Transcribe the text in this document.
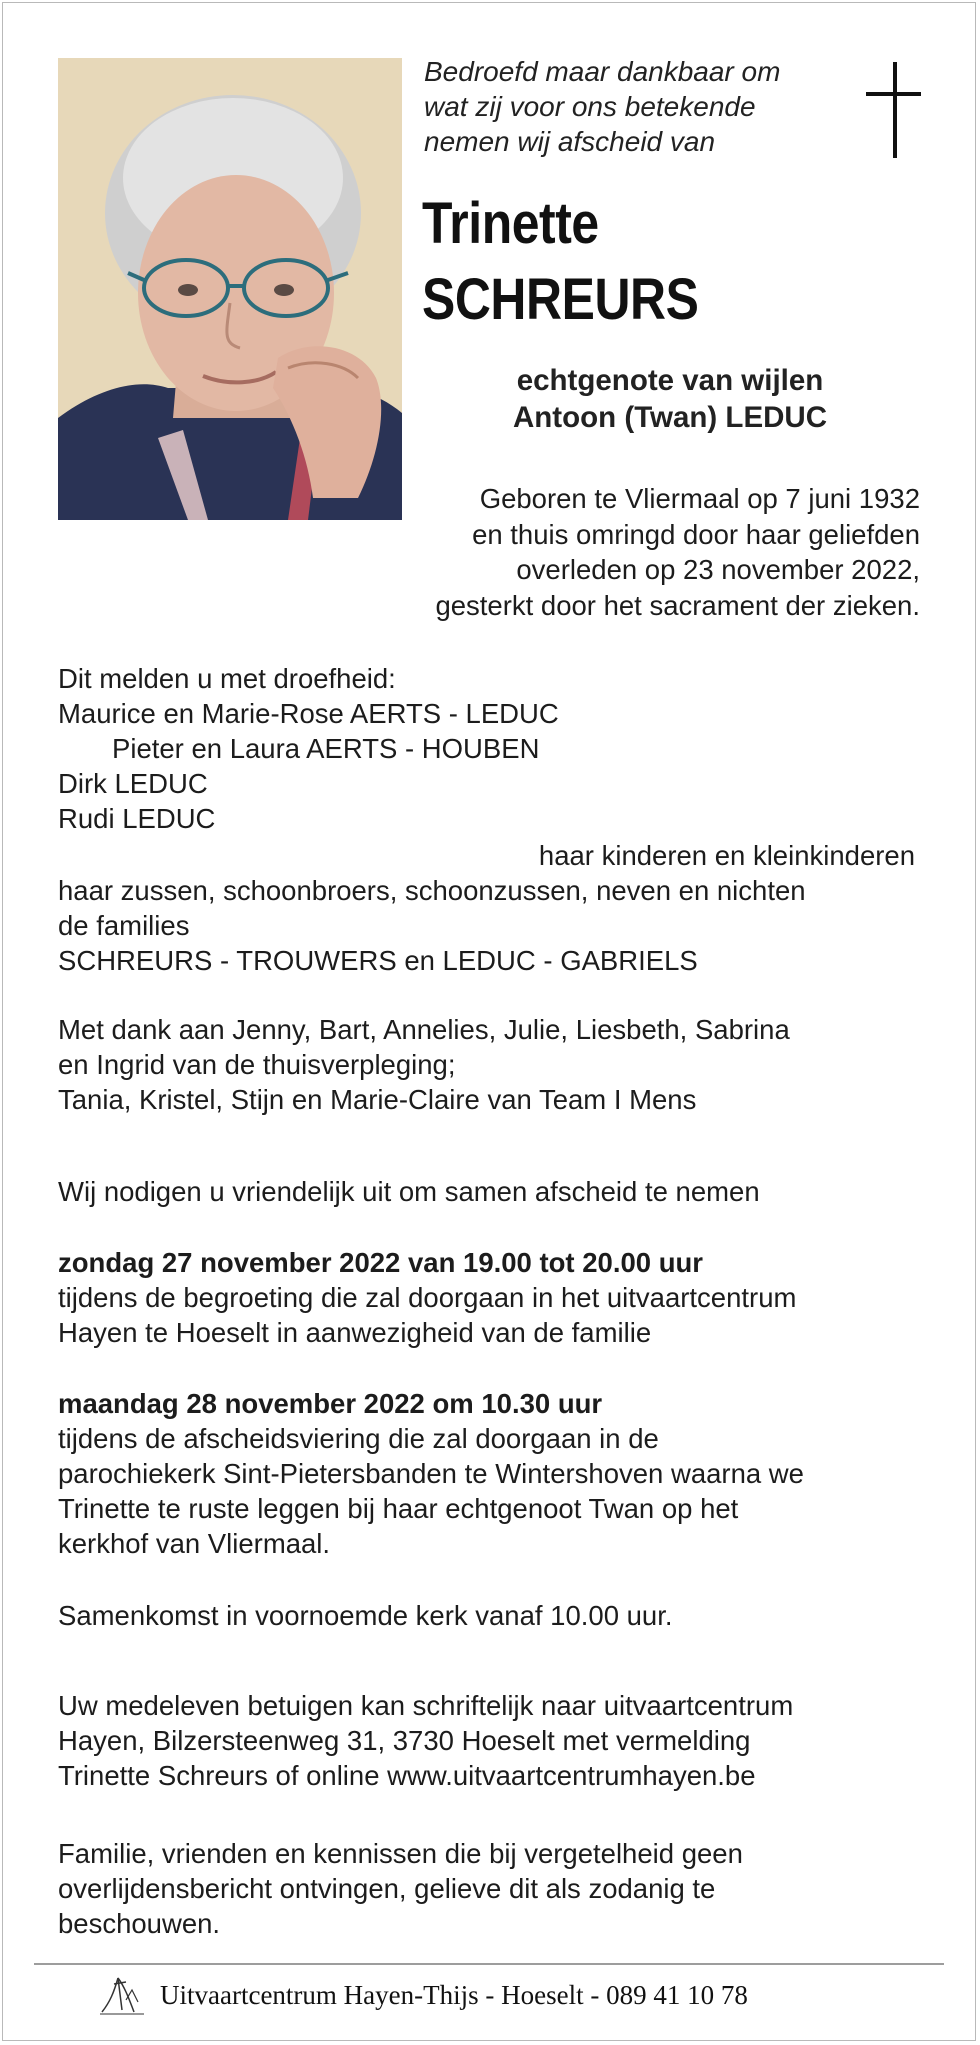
Bedroefd maar dankbaar om
wat zij voor ons betekende
nemen wij afscheid van
Trinette
SCHREURS
echtgenote van wijlen
Antoon (Twan) LEDUC
Geboren te Vliermaal op 7 juni 1932
en thuis omringd door haar geliefden
overleden op 23 november 2022,
gesterkt door het sacrament der zieken.
Dit melden u met droefheid:
Maurice en Marie-Rose AERTS - LEDUC
Pieter en Laura AERTS - HOUBEN
Dirk LEDUC
Rudi LEDUC
haar kinderen en kleinkinderen
haar zussen, schoonbroers, schoonzussen, neven en nichten
de families
SCHREURS - TROUWERS en LEDUC - GABRIELS
Met dank aan Jenny, Bart, Annelies, Julie, Liesbeth, Sabrina
en Ingrid van de thuisverpleging;
Tania, Kristel, Stijn en Marie-Claire van Team I Mens
Wij nodigen u vriendelijk uit om samen afscheid te nemen
zondag 27 november 2022 van 19.00 tot 20.00 uur
tijdens de begroeting die zal doorgaan in het uitvaartcentrum
Hayen te Hoeselt in aanwezigheid van de familie
maandag 28 november 2022 om 10.30 uur
tijdens de afscheidsviering die zal doorgaan in de
parochiekerk Sint-Pietersbanden te Wintershoven waarna we
Trinette te ruste leggen bij haar echtgenoot Twan op het
kerkhof van Vliermaal.
Samenkomst in voornoemde kerk vanaf 10.00 uur.
Uw medeleven betuigen kan schriftelijk naar uitvaartcentrum
Hayen, Bilzersteenweg 31, 3730 Hoeselt met vermelding
Trinette Schreurs of online www.uitvaartcentrumhayen.be
Familie, vrienden en kennissen die bij vergetelheid geen
overlijdensbericht ontvingen, gelieve dit als zodanig te
beschouwen.
Uitvaartcentrum Hayen-Thijs - Hoeselt - 089 41 10 78
